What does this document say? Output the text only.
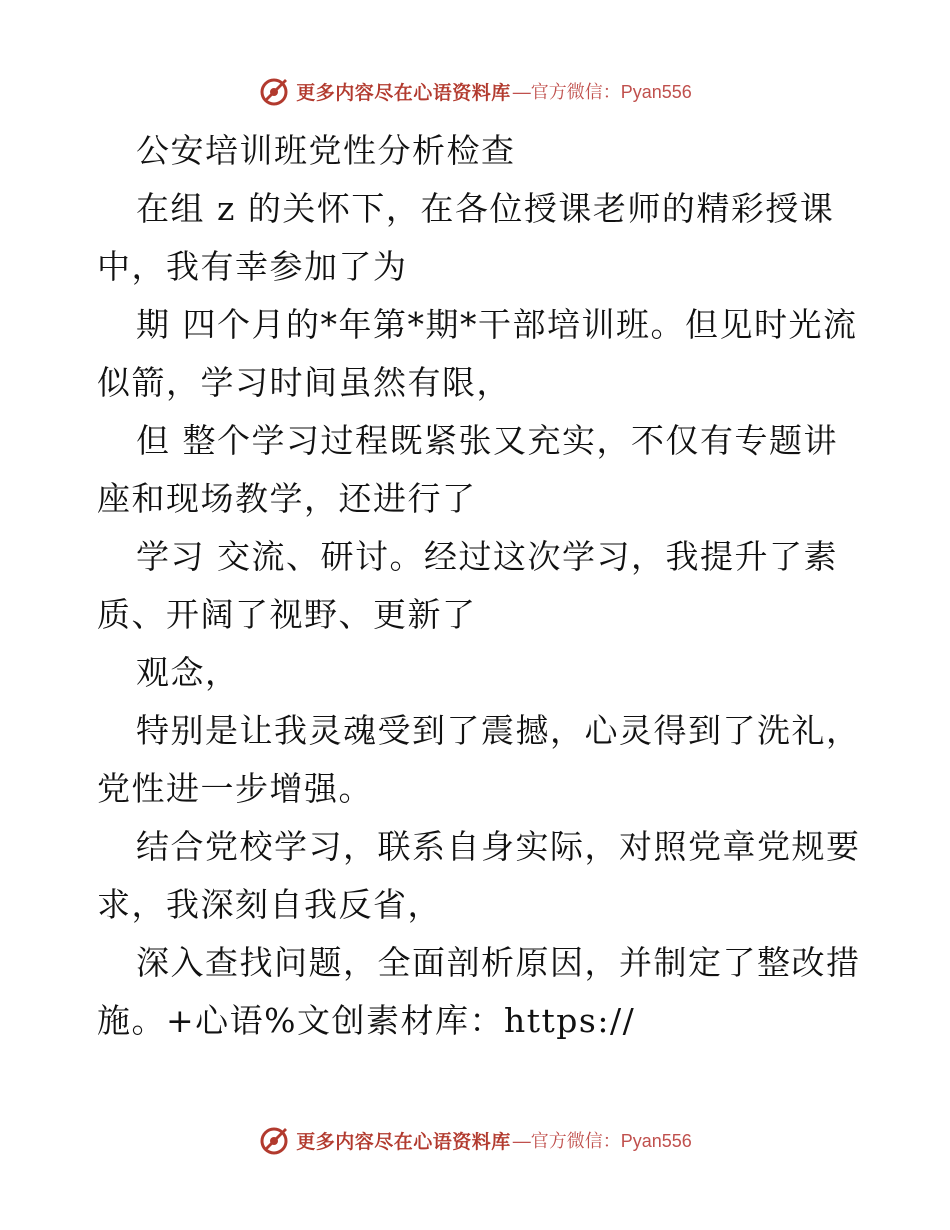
更多内容尽在心语资料库 —官方微信：Pyan556
公安培训班党性分析检查
在组 z 的关怀下，在各位授课老师的精彩授课
中，我有幸参加了为
期 四个月的*年第*期*干部培训班。但见时光流
似箭，学习时间虽然有限，
但 整个学习过程既紧张又充实，不仅有专题讲
座和现场教学，还进行了
学习 交流、研讨。经过这次学习，我提升了素
质、开阔了视野、更新了
观念，
特别是让我灵魂受到了震撼，心灵得到了洗礼，
党性进一步增强。
结合党校学习，联系自身实际，对照党章党规要
求，我深刻自我反省，
深入查找问题，全面剖析原因，并制定了整改措
施。+心语%文创素材库：https://
更多内容尽在心语资料库 —官方微信：Pyan556
